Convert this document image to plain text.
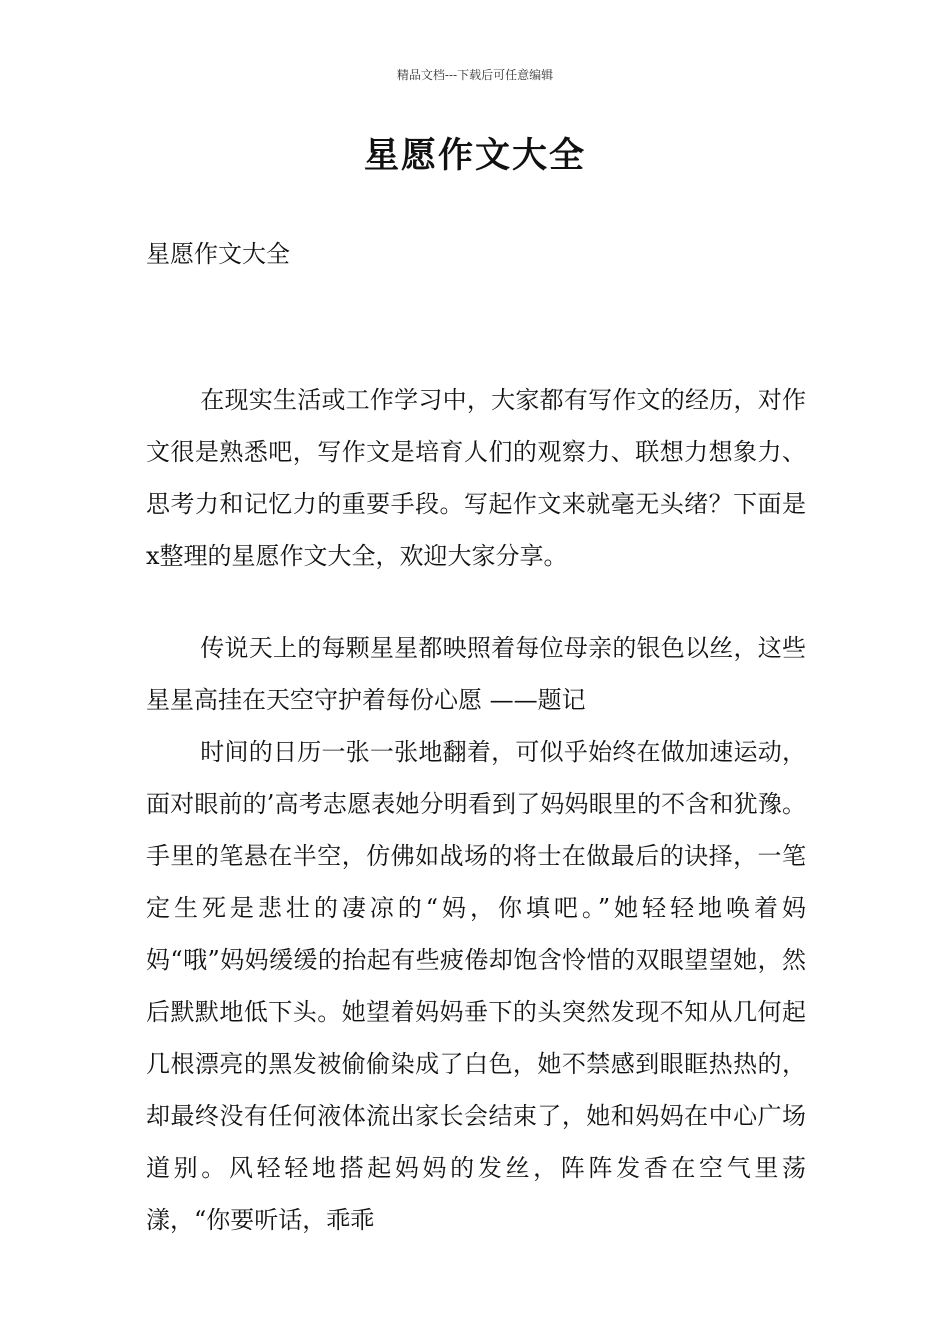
精品文档---下载后可任意编辑
星愿作文大全
星愿作文大全
在现实生活或工作学习中，大家都有写作文的经历，对作文很是熟悉吧，写作文是培育人们的观察力、联想力想象力、思考力和记忆力的重要手段。写起作文来就毫无头绪？下面是x整理的星愿作文大全，欢迎大家分享。
传说天上的每颗星星都映照着每位母亲的银色以丝，这些星星高挂在天空守护着每份心愿 ——题记
时间的日历一张一张地翻着，可似乎始终在做加速运动，面对眼前的’高考志愿表她分明看到了妈妈眼里的不含和犹豫。手里的笔悬在半空，仿佛如战场的将士在做最后的诀择，一笔定生死是悲壮的凄凉的“妈，你填吧。”她轻轻地唤着妈妈“哦”妈妈缓缓的抬起有些疲倦却饱含怜惜的双眼望望她，然后默默地低下头。她望着妈妈垂下的头突然发现不知从几何起几根漂亮的黑发被偷偷染成了白色，她不禁感到眼眶热热的，却最终没有任何液体流出家长会结束了，她和妈妈在中心广场道别。风轻轻地搭起妈妈的发丝，阵阵发香在空气里荡漾，“你要听话，乖乖
